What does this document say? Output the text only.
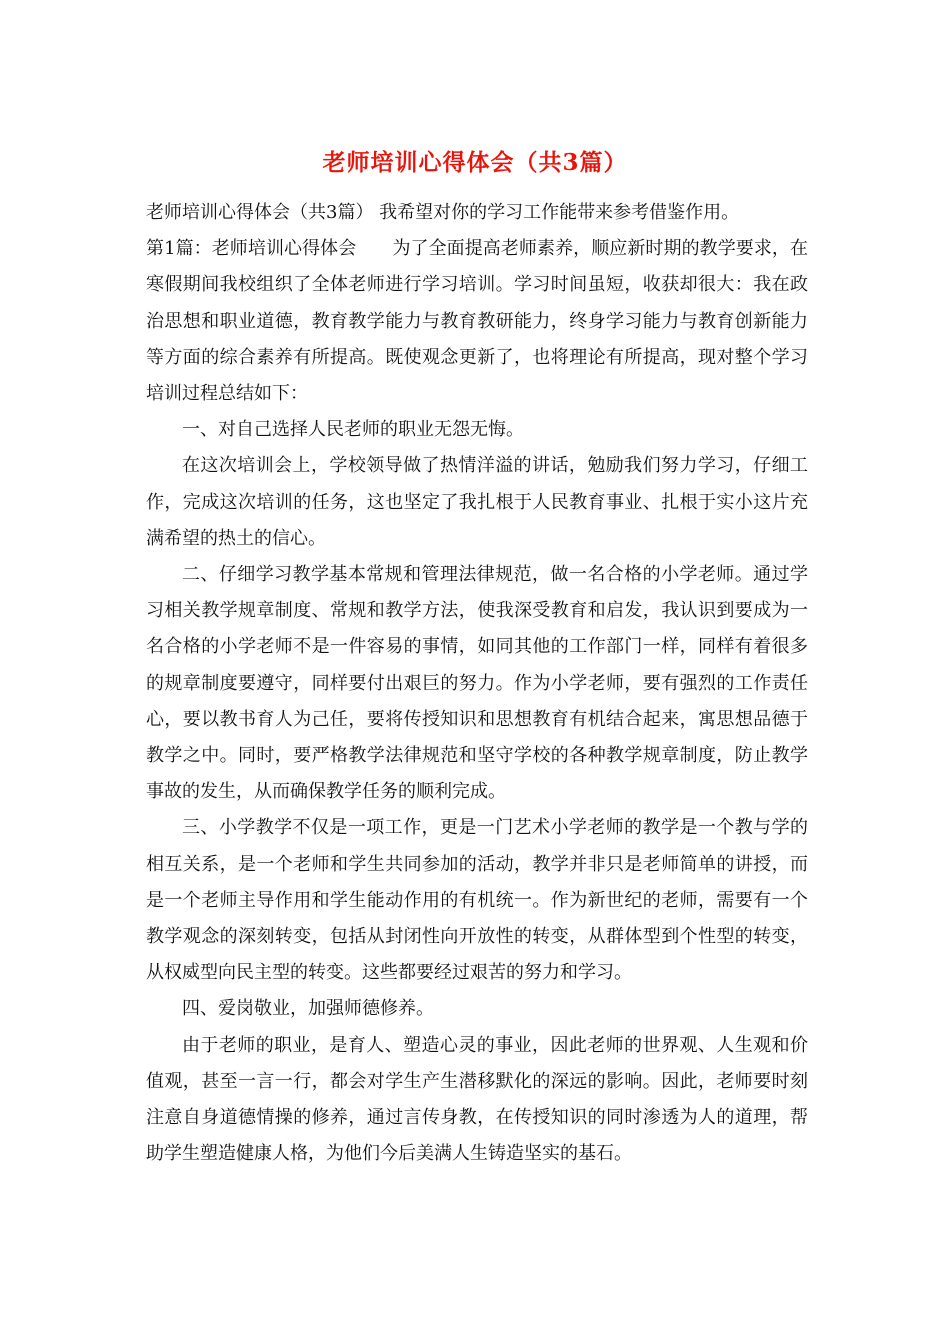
老师培训心得体会（共3篇）

老师培训心得体会（共3篇） 我希望对你的学习工作能带来参考借鉴作用。

第1篇：老师培训心得体会　　为了全面提高老师素养，顺应新时期的教学要求，在寒假期间我校组织了全体老师进行学习培训。学习时间虽短，收获却很大：我在政治思想和职业道德，教育教学能力与教育教研能力，终身学习能力与教育创新能力等方面的综合素养有所提高。既使观念更新了，也将理论有所提高，现对整个学习培训过程总结如下：

一、对自己选择人民老师的职业无怨无悔。

在这次培训会上，学校领导做了热情洋溢的讲话，勉励我们努力学习，仔细工作，完成这次培训的任务，这也坚定了我扎根于人民教育事业、扎根于实小这片充满希望的热土的信心。

二、仔细学习教学基本常规和管理法律规范，做一名合格的小学老师。通过学习相关教学规章制度、常规和教学方法，使我深受教育和启发，我认识到要成为一名合格的小学老师不是一件容易的事情，如同其他的工作部门一样，同样有着很多的规章制度要遵守，同样要付出艰巨的努力。作为小学老师，要有强烈的工作责任心，要以教书育人为己任，要将传授知识和思想教育有机结合起来，寓思想品德于教学之中。同时，要严格教学法律规范和坚守学校的各种教学规章制度，防止教学事故的发生，从而确保教学任务的顺利完成。

三、小学教学不仅是一项工作，更是一门艺术小学老师的教学是一个教与学的相互关系，是一个老师和学生共同参加的活动，教学并非只是老师简单的讲授，而是一个老师主导作用和学生能动作用的有机统一。作为新世纪的老师，需要有一个教学观念的深刻转变，包括从封闭性向开放性的转变，从群体型到个性型的转变，从权威型向民主型的转变。这些都要经过艰苦的努力和学习。

四、爱岗敬业，加强师德修养。

由于老师的职业，是育人、塑造心灵的事业，因此老师的世界观、人生观和价值观，甚至一言一行，都会对学生产生潜移默化的深远的影响。因此，老师要时刻注意自身道德情操的修养，通过言传身教，在传授知识的同时渗透为人的道理，帮助学生塑造健康人格，为他们今后美满人生铸造坚实的基石。
